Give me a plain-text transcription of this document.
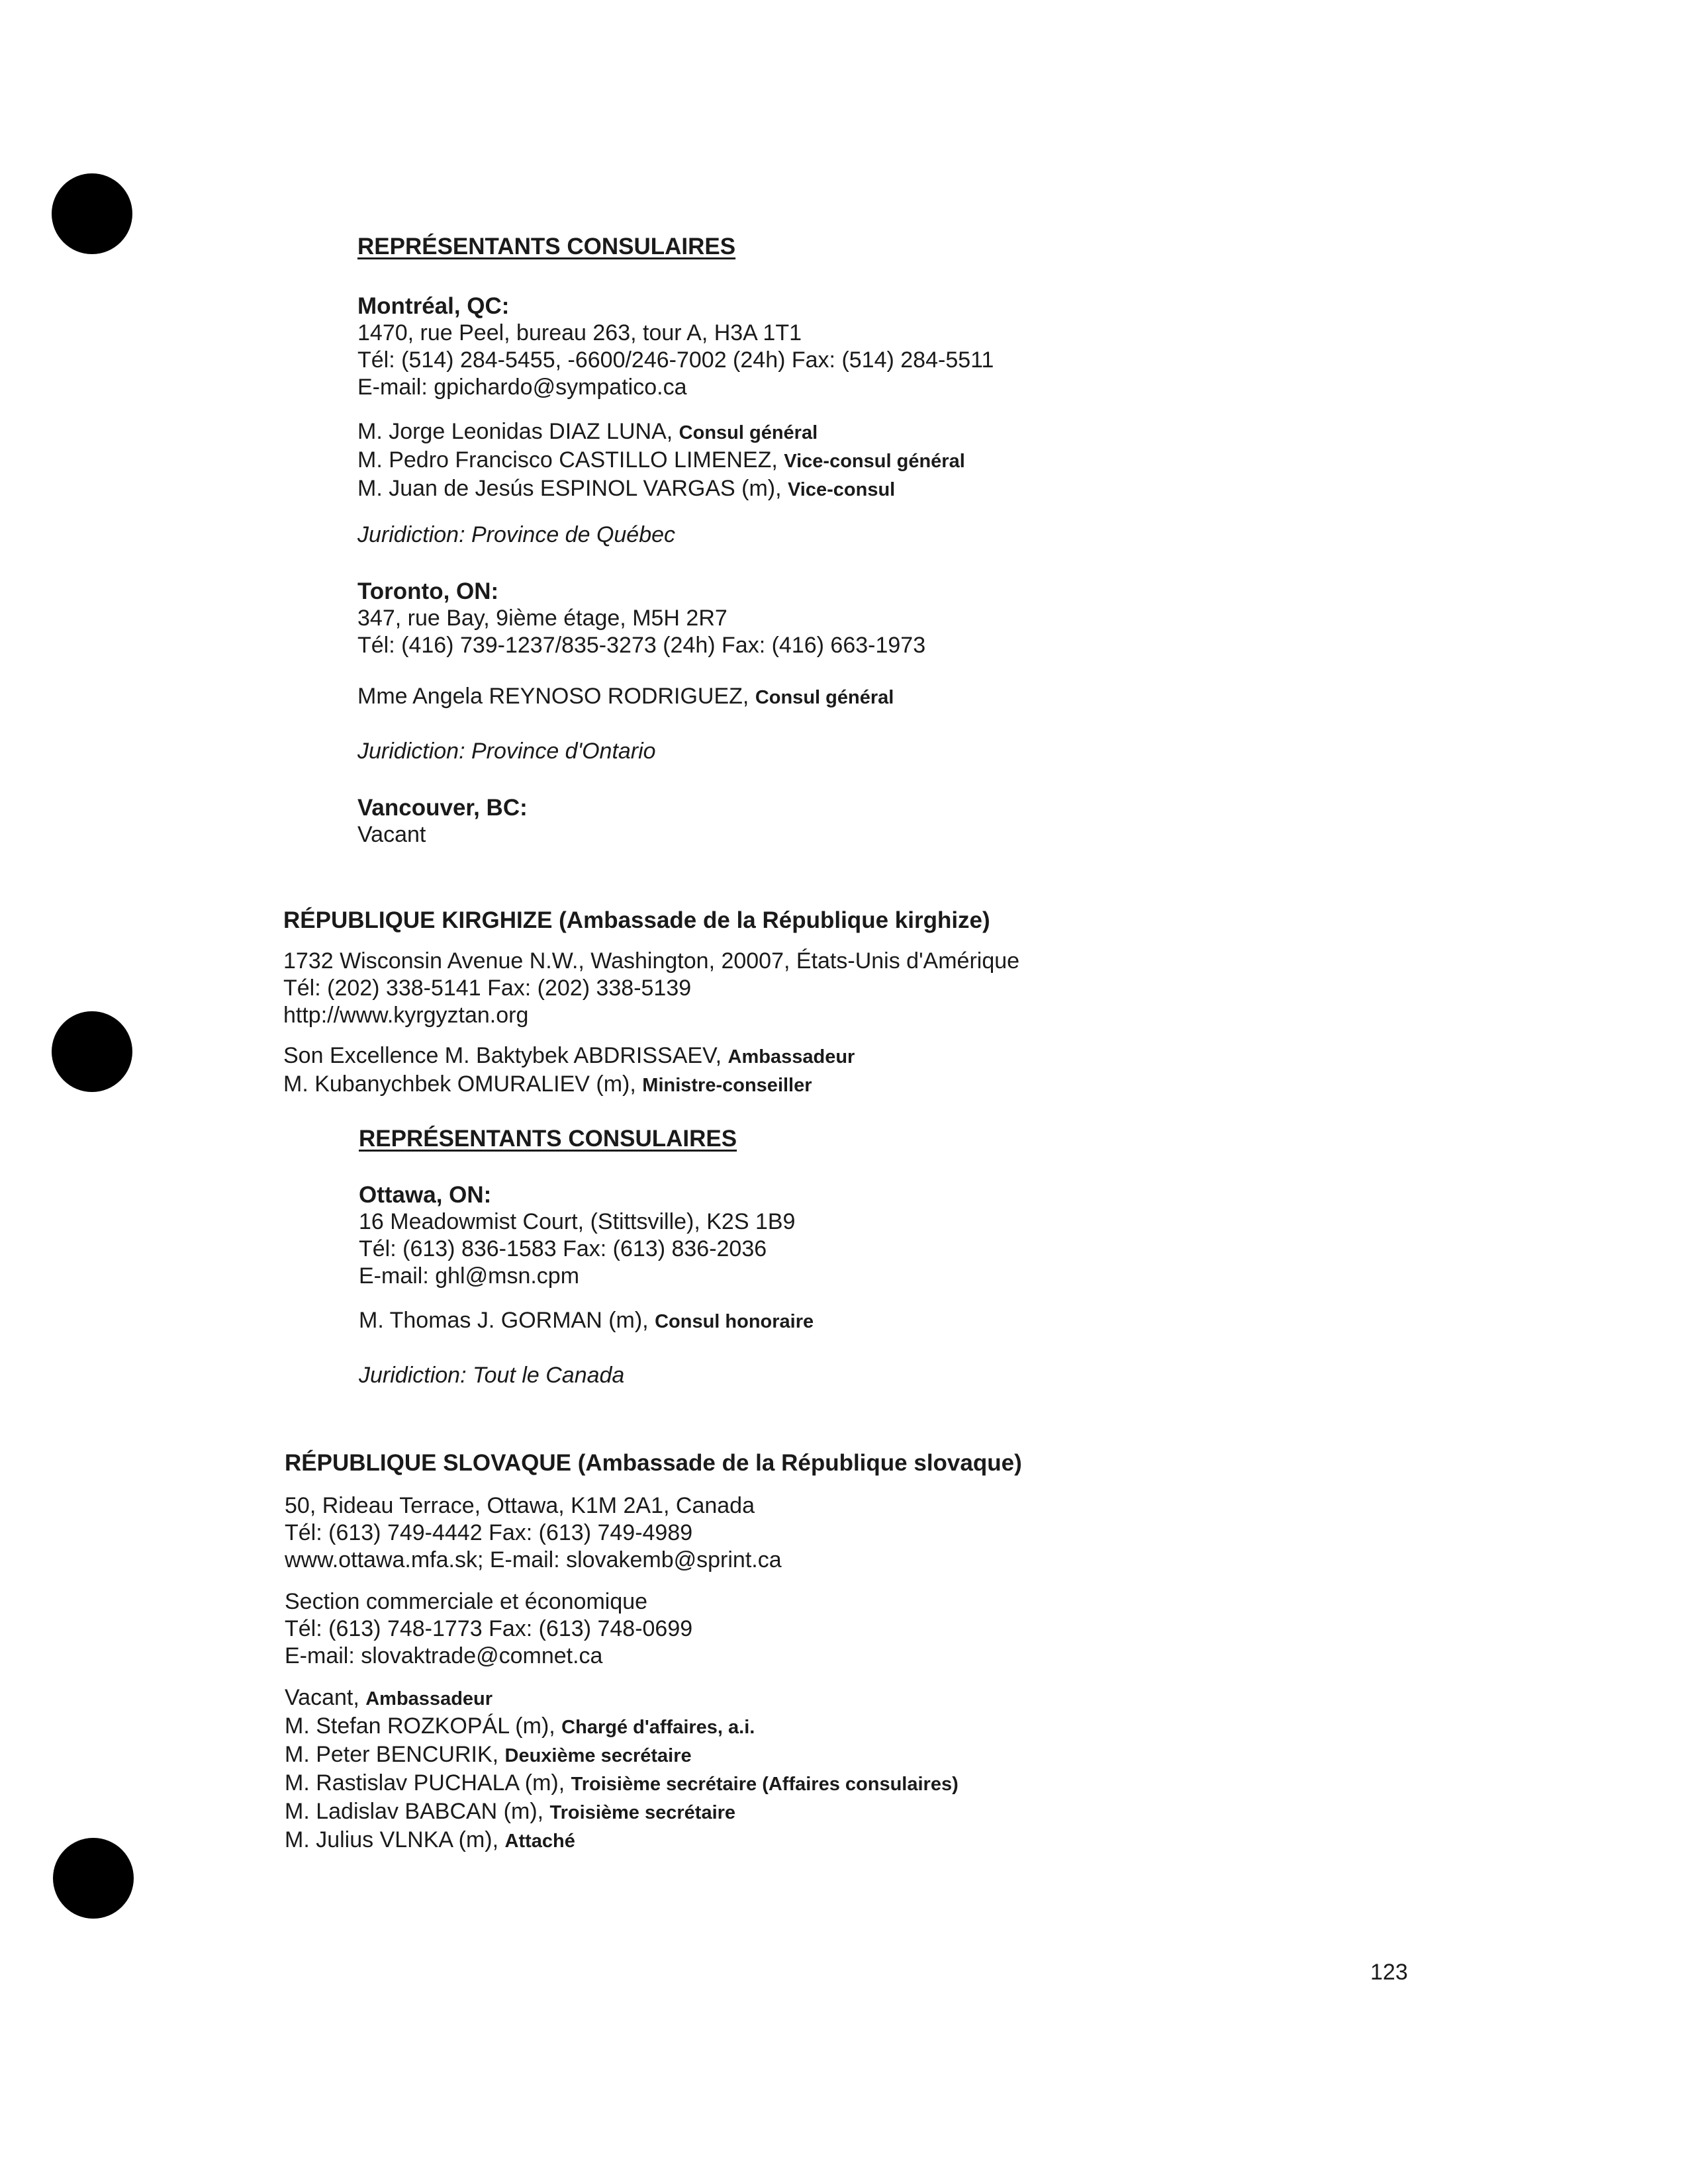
REPRÉSENTANTS CONSULAIRES
Montréal, QC:
1470, rue Peel, bureau 263, tour A, H3A 1T1
Tél: (514) 284-5455, -6600/246-7002 (24h) Fax: (514) 284-5511
E-mail: gpichardo@sympatico.ca
M. Jorge Leonidas DIAZ LUNA, Consul général
M. Pedro Francisco CASTILLO LIMENEZ, Vice-consul général
M. Juan de Jesús ESPINOL VARGAS (m), Vice-consul
Juridiction: Province de Québec
Toronto, ON:
347, rue Bay, 9ième étage, M5H 2R7
Tél: (416) 739-1237/835-3273 (24h) Fax: (416) 663-1973
Mme Angela REYNOSO RODRIGUEZ, Consul général
Juridiction: Province d'Ontario
Vancouver, BC:
Vacant
RÉPUBLIQUE KIRGHIZE (Ambassade de la République kirghize)
1732 Wisconsin Avenue N.W., Washington, 20007, États-Unis d'Amérique
Tél: (202) 338-5141 Fax: (202) 338-5139
http://www.kyrgyztan.org
Son Excellence M. Baktybek ABDRISSAEV, Ambassadeur
M. Kubanychbek OMURALIEV (m), Ministre-conseiller
REPRÉSENTANTS CONSULAIRES
Ottawa, ON:
16 Meadowmist Court, (Stittsville), K2S 1B9
Tél: (613) 836-1583 Fax: (613) 836-2036
E-mail: ghl@msn.cpm
M. Thomas J. GORMAN (m), Consul honoraire
Juridiction: Tout le Canada
RÉPUBLIQUE SLOVAQUE (Ambassade de la République slovaque)
50, Rideau Terrace, Ottawa, K1M 2A1, Canada
Tél: (613) 749-4442 Fax: (613) 749-4989
www.ottawa.mfa.sk; E-mail: slovakemb@sprint.ca
Section commerciale et économique
Tél: (613) 748-1773 Fax: (613) 748-0699
E-mail: slovaktrade@comnet.ca
Vacant, Ambassadeur
M. Stefan ROZKOPÁL (m), Chargé d'affaires, a.i.
M. Peter BENCURIK, Deuxième secrétaire
M. Rastislav PUCHALA (m), Troisième secrétaire (Affaires consulaires)
M. Ladislav BABCAN (m), Troisième secrétaire
M. Julius VLNKA (m), Attaché
123
